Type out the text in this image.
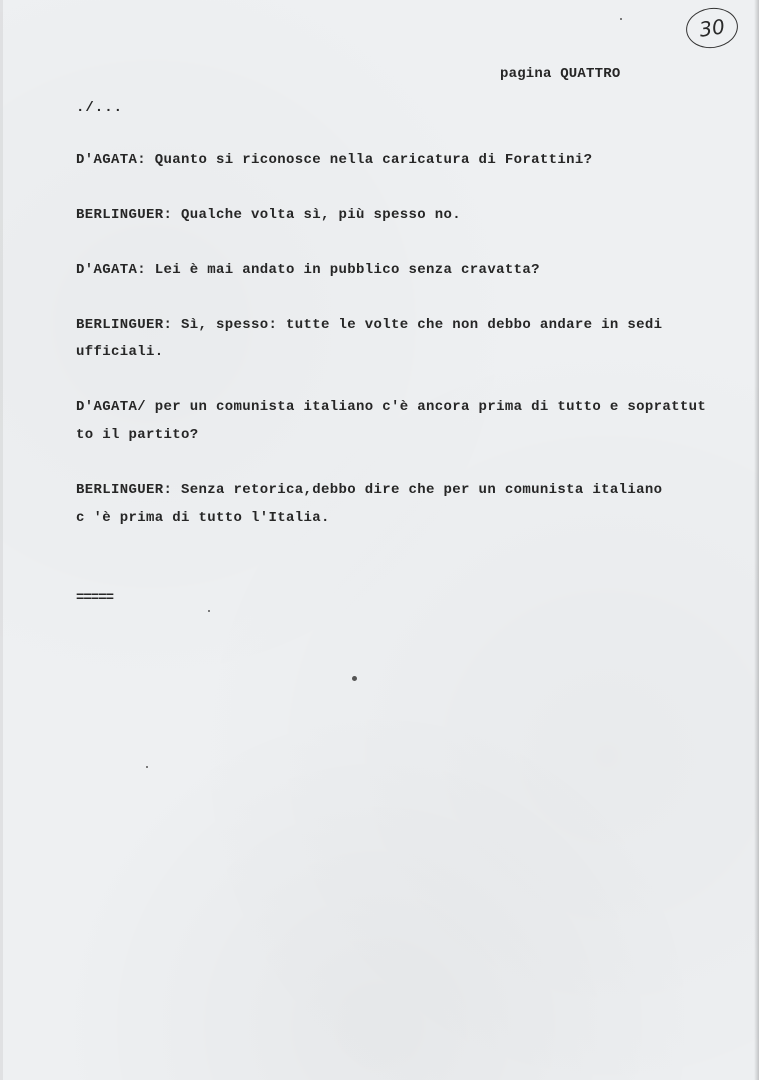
30
pagina QUATTRO
./...
D'AGATA: Quanto si riconosce nella caricatura di Forattini?
BERLINGUER: Qualche volta sì, più spesso no.
D'AGATA: Lei è mai andato in pubblico senza cravatta?
BERLINGUER: Sì, spesso: tutte le volte che non debbo andare in sedi
ufficiali.
D'AGATA/ per un comunista italiano c'è ancora prima di tutto e soprattut
to il partito?
BERLINGUER: Senza retorica,debbo dire che per un comunista italiano
c 'è prima di tutto l'Italia.
=====
